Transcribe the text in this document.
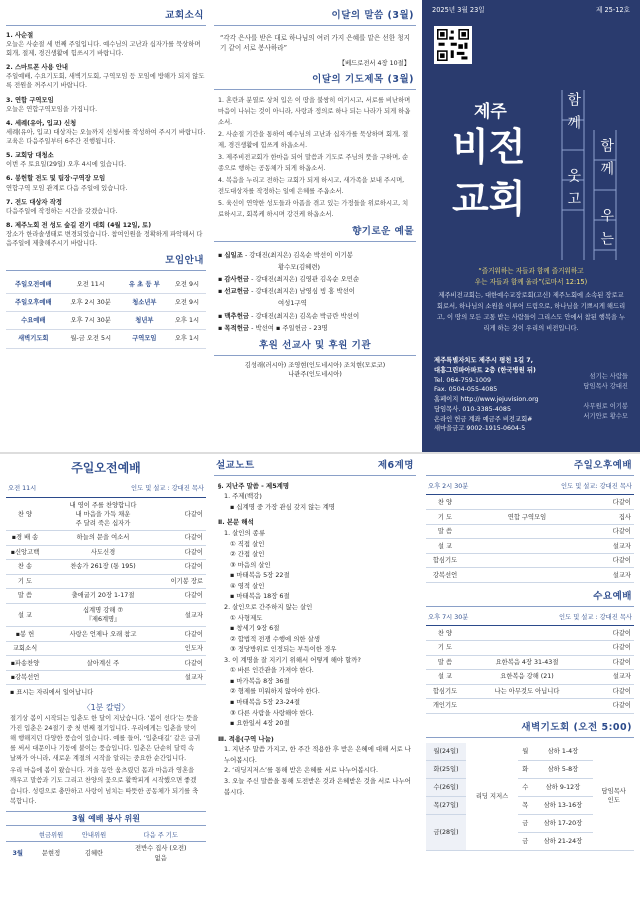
교회소식
1. 사순절
오늘은 사순절 세 번째 주일입니다. 예수님의 고난과 십자가를 묵상하며 회개, 절제, 경건생활에 힘쓰시기 바랍니다.
2. 스마트폰 사용 안내
주일예배, 수요기도회, 새벽기도회, 구역모임 등 모임에 방해가 되지 않도록 전원을 꺼주시기 바랍니다.
3. 연합 구역모임
오늘은 연합구역모임을 가집니다.
4. 세례(유아, 입교) 신청
세례(유아, 입교) 대상자는 오늘까지 신청서를 작성하여 주시기 바랍니다. 교육은 다음주일부터 6주간 진행됩니다.
5. 교회당 대청소
이번 주 토요일(29일) 오후 4시에 있습니다.
6. 봉헌할 전도 및 팀장·구역장 모임
연합구역 모임 관계로 다음 주일에 있습니다.
7. 전도 대상자 작정
다음주일에 작정하는 시간을 갖겠습니다.
8. 제주노회 전 성도 숲길 걷기 대회 (4월 12일, 토)
장소가 한라솔생태로 변경되었습니다. 참여인원을 정확하게 파악해서 다음주일에 제출해주시기 바랍니다.
모임안내
주일오전예배	오전 11시	유 초 등 부	오전 9시
주일오후예배	오후 2시 30분	청소년부	오전 9시
수요예배	오후 7시 30분	청년부	오후 1시
새벽기도회	월-금 오전 5시	구역모임	오후 1시
이달의 말씀 (3월)
“각각 은사를 받은 대로 하나님의 여러 가지 은혜를 맡은 선한 청지기 같이 서로 봉사하라”
【베드로전서 4장 10절】
이달의 기도제목 (3월)
1. 혼란과 분열로 상처 입은 이 땅을 불쌍히 여기시고, 서로를 비난하며 마음이 나뉘는 것이 아니라, 사랑과 정의로 하나 되는 나라가 되게 하옵소서.
2. 사순절 기간을 통하여 예수님의 고난과 십자가를 묵상하며 회개, 절제, 경건생활에 힘쓰게 하옵소서.
3. 제주비전교회가 한마음 되어 말씀과 기도로 주님의 뜻을 구하며, 순종으로 행하는 공동체가 되게 하옵소서.
4. 복음을 누리고 전하는 교회가 되게 하시고, 새가족을 보내 주시며, 전도대상자를 작정하는 일에 은혜를 주옵소서.
5. 육신이 연약한 성도들과 아픔을 겪고 있는 가정들을 위로하시고, 치료하시고, 회복케 하시며 강건케 하옵소서.
향기로운 예물
▪ 십일조 - 강대진(최지은) 김옥순 박선이 이기봉
황수모(김혜련)
▪ 감사헌금 - 강대진(최지은) 김영관 김옥순 오민순
▪ 선교헌금 - 강대진(최지은) 남영심 빙 홍 박선이
여성1구역
▪ 맥추헌금 - 강대진(최지은) 김옥순 박금란 박선이
▪ 목적헌금 - 박선여 ▪ 주일헌금 - 23명
후원 선교사 및 후원 기관
김성래(러시아) 조영현(인도네시아) 조치현(모로코)
나관주(인도네시아)
2025년 3월 23일	제 25-12호
제주
비전
교회
함께
웃고
함께
우는
“즐거워하는 자들과 함께 즐거워하고
우는 자들과 함께 울라”(로마서 12:15)
제주비전교회는, 대한예수교장로회(고신) 제주노회에 소속된 장로교회로서, 하나님의 소원을 이루어 드림으로, 하나님을 기쁘시게 해드리고, 이 땅의 모든 고통 받는 사람들이 그리스도 안에서 참된 행복을 누리게 하는 것이 우리의 비전입니다.
제주특별자치도 제주시 평천 1길 7,
대흥그린파아파트 2층 (한국병원 뒤)
Tel. 064-759-1009
Fax. 0504-055-4085
홈페이지 http://www.jejuvision.org
담임목사. 010-3385-4085
온라인 헌금 계좌 예금주 비전교회#
새마을금고 9002-1915-0604-5
섬기는 사람들
담임목사 강대진

사무원로 이기봉
서기안로 황수모
주일오전예배
오전 11시	인도 및 설교 : 강대진 목사
찬 양	내 영이 주를 찬양합니다
내 마음을 가득 채운
주 달려 죽은 십자가	다같이
▪경 배 송	하늘의 문을 여소서	다같이
▪신앙고백	사도신경	다같이
찬 송	찬송가 261장 (통 195)	다같이
기 도		이기봉 장로
말 씀	출애굽기 20장 1-17절	다같이
설 교	십계명 강해 ⑦
『제6계명』	설교자
▪봉 헌	사랑은 언제나 오래 참고	다같이
교회소식		인도자
▪파송찬양	살아계신 주	다같이
▪강복선언		설교자
▪ 표시는 자리에서 일어납니다
〈1분 칼럼〉
절기상 봄이 시작되는 입춘도 한 달이 지났습니다. ‘봄이 선다’는 뜻을 가진 입춘은 24절기 중 첫 번째 절기입니다. 우리에게는 입춘을 맞이해 행해지던 다양한 풍습이 있습니다. 예를 들어, ‘입춘대길’ 같은 글귀를 써서 대문이나 기둥에 붙이는 풍습입니다. 입춘은 단순히 달력 속 날짜가 아니라, 새로운 계절의 시작을 알리는 중요한 순간입니다.
우리 마음에 봄이 왔습니다. 겨울 동안 움츠렸던 몸과 마음과 영혼을 깨우고 말씀과 기도 그리고 찬양의 꽃으로 활짝피게 시작했으면 좋겠습니다. 성령으로 충만하고 사랑이 넘치는 따뜻한 공동체가 되기를 축복합니다.
3월 예배 봉사 위원
	현금위원	안내위원	다음 주 기도
3월	문현정	김혜란	전반수 집사 (오전)
없음
설교노트	제6계명
§. 지난주 말씀 - 제5계명
1. 주제(백강)
▪ 십계명 중 가장 관심 갖지 않는 계명
Ⅱ. 본문 해석
1. 살인의 종류
① 직접 살인
② 간접 살인
③ 마음의 살인
▪ 마태복음 5장 22절
④ 영적 살인
▪ 마태복음 18장 6절
2. 살인으로 간주하지 않는 살인
① 사형제도
▪ 창세기 9장 6절
② 합법적 전쟁 수행에 의한 살생
③ 정당방위로 인정되는 부득이한 경우
3. 이 계명을 잘 지키기 위해서 어떻게 해야 할까?
① 바른 인간관을 가져야 한다.
▪ 마가복음 8장 36절
② 형제를 미워하지 않아야 한다.
▪ 마태복음 5장 23-24절
③ 다른 사람을 사랑해야 한다.
▪ 요한일서 4장 20절
Ⅲ. 적용(구역 나눔)
1. 지난주 말씀 가지고, 한 주간 적용한 후 받은 은혜에 대해 서로 나누어봅시다.
2. ‘리딩지저스’를 통해 받은 은혜를 서로 나누어봅시다.
3. 오늘 주신 말씀을 통해 도전받은 것과 은혜받은 것을 서로 나누어봅시다.
주일오후예배
오후 2시 30분	인도 및 설교: 강대진 목사
찬 양		다같이
기 도	연합 구역모임	집사
말 씀		다같이
설 교		설교자
합심기도		다같이
강복선언		설교자
수요예배
오후 7시 30분	인도 및 설교 : 강대진 목사
찬 양		다같이
기 도		다같이
말 씀	요한복음 4장 31-43절	다같이
설 교	요한복음 강해 (21)	설교자
합심기도	나는 아무것도 아닙니다	다같이
개인기도		다같이
새벽기도회 (오전 5:00)
월(24일)	리딩 지저스	월	삼하 1-4장	담임목사
인도
화(25일)		화	삼하 5-8장	
수(26일)		수	삼하 9-12장	
목(27일)		목	삼하 13-16장	
금(28일)		금	삼하 17-20장	
		금	삼하 21-24장	
